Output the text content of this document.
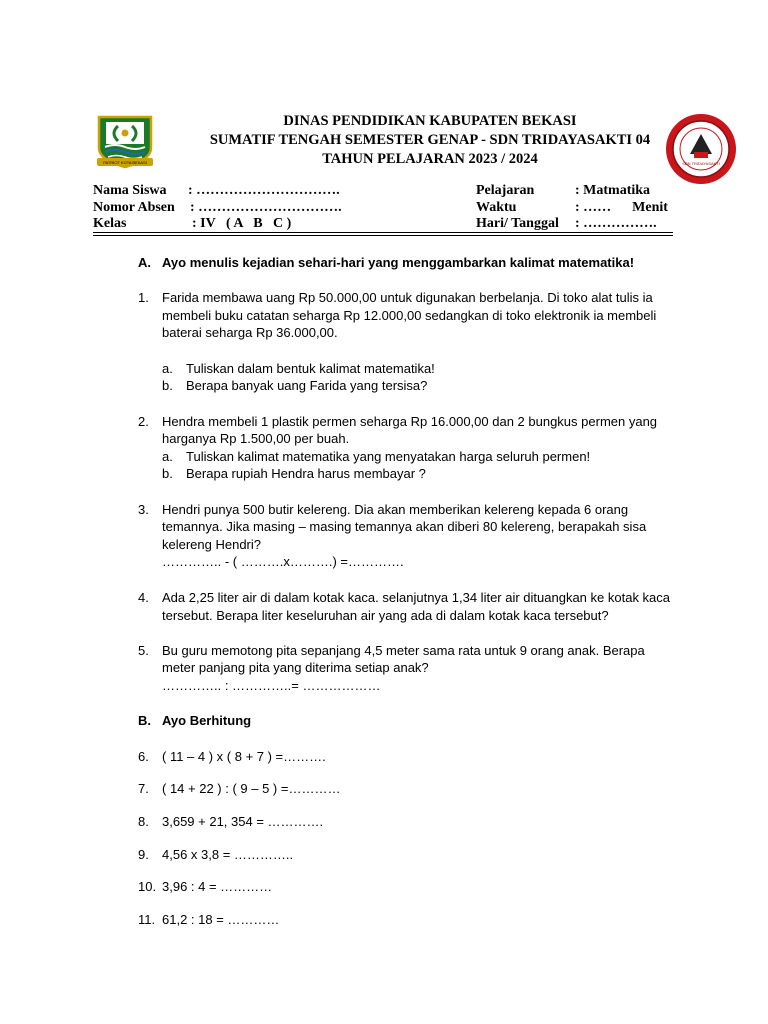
PATRIOT KOTA BEKASI	SDN TRIDAYASAKTI
DINAS PENDIDIKAN KABUPATEN BEKASI
SUMATIF TENGAH SEMESTER GENAP - SDN TRIDAYASAKTI 04
TAHUN PELAJARAN 2023 / 2024
Nama Siswa : ………………………….
Nomor Absen : ………………………….
Kelas	: IV   ( A   B   C )
Pelajaran	: Matmatika
Waktu	: ……      Menit
Hari/ Tanggal : …………….
A. Ayo menulis kejadian sehari-hari yang menggambarkan kalimat matematika!
1.	Farida membawa uang Rp 50.000,00 untuk digunakan berbelanja. Di toko alat tulis ia
membeli buku catatan seharga Rp 12.000,00 sedangkan di toko elektronik ia membeli
baterai seharga Rp 36.000,00.
a.	Tuliskan dalam bentuk kalimat matematika!
b.	Berapa banyak uang Farida yang tersisa?
2.	Hendra membeli 1 plastik permen seharga Rp 16.000,00 dan 2 bungkus permen yang
harganya Rp 1.500,00 per buah.
a.	Tuliskan kalimat matematika yang menyatakan harga seluruh permen!
b.	Berapa rupiah Hendra harus membayar ?
3.	Hendri punya 500 butir kelereng. Dia akan memberikan kelereng kepada 6 orang
temannya. Jika masing – masing temannya akan diberi 80 kelereng, berapakah sisa
kelereng Hendri?
………….. - ( ……….x……….) =………….
4.	Ada 2,25 liter air di dalam kotak kaca. selanjutnya 1,34 liter air dituangkan ke kotak kaca
tersebut. Berapa liter keseluruhan air yang ada di dalam kotak kaca tersebut?
5.	Bu guru memotong pita sepanjang 4,5 meter sama rata untuk 9 orang anak. Berapa
meter panjang pita yang diterima setiap anak?
………….. : …………..= ………………
B. Ayo Berhitung
6.	( 11 – 4 ) x ( 8 + 7 ) =……….
7.	( 14 + 22 ) : ( 9 – 5 ) =…………
8.	3,659 + 21, 354 = ………….
9.	4,56 x 3,8 = …………..
10. 3,96 : 4 = …………
11. 61,2 : 18 = …………
